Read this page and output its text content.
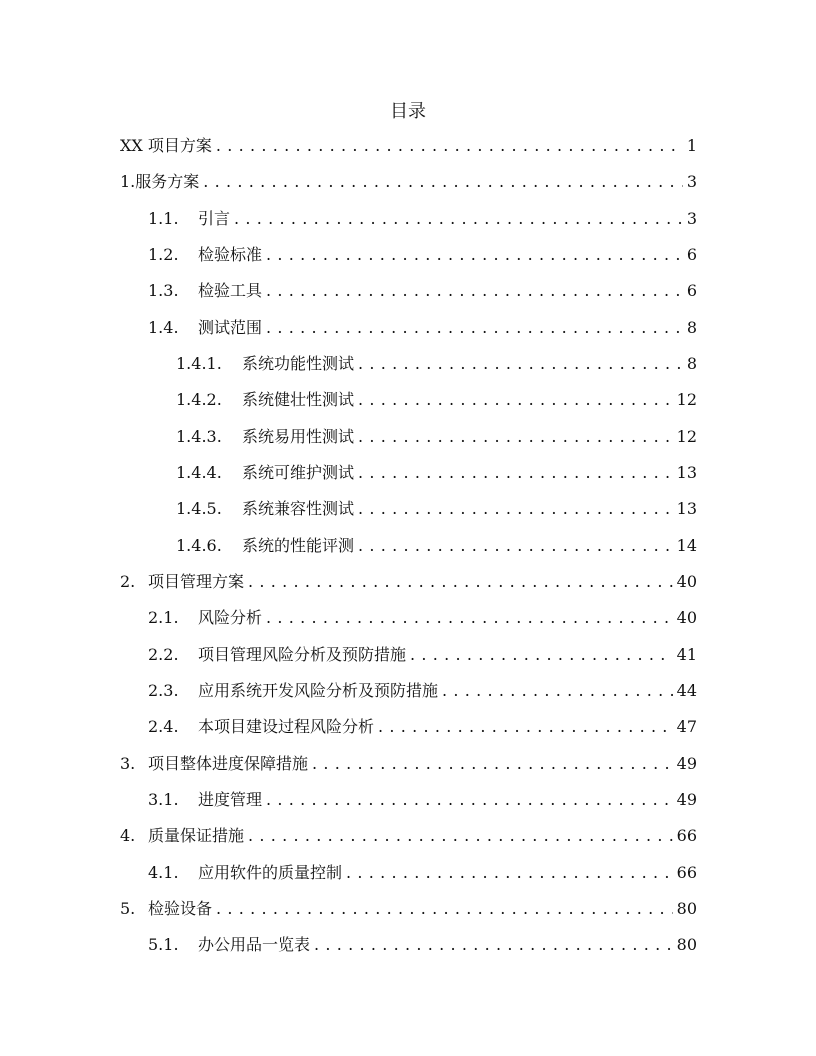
目录
XX 项目方案 . . .	1
1. 服务方案 . . .	3
1.1.	引言 . . .	3
1.2.	检验标准 . . .	6
1.3.	检验工具 . . .	6
1.4.	测试范围 . . .	8
1.4.1.	系统功能性测试 . . .	8
1.4.2.	系统健壮性测试 . . .	12
1.4.3.	系统易用性测试 . . .	12
1.4.4.	系统可维护测试 . . .	13
1.4.5.	系统兼容性测试 . . .	13
1.4.6.	系统的性能评测 . . .	14
2. 项目管理方案 . . .	40
2.1.	风险分析 . . .	40
2.2.	项目管理风险分析及预防措施 . . .	41
2.3.	应用系统开发风险分析及预防措施 . . .	44
2.4.	本项目建设过程风险分析 . . .	47
3. 项目整体进度保障措施 . . .	49
3.1.	进度管理 . . .	49
4. 质量保证措施 . . .	66
4.1.	应用软件的质量控制 . . .	66
5. 检验设备 . . .	80
5.1.	办公用品一览表 . . .	80
